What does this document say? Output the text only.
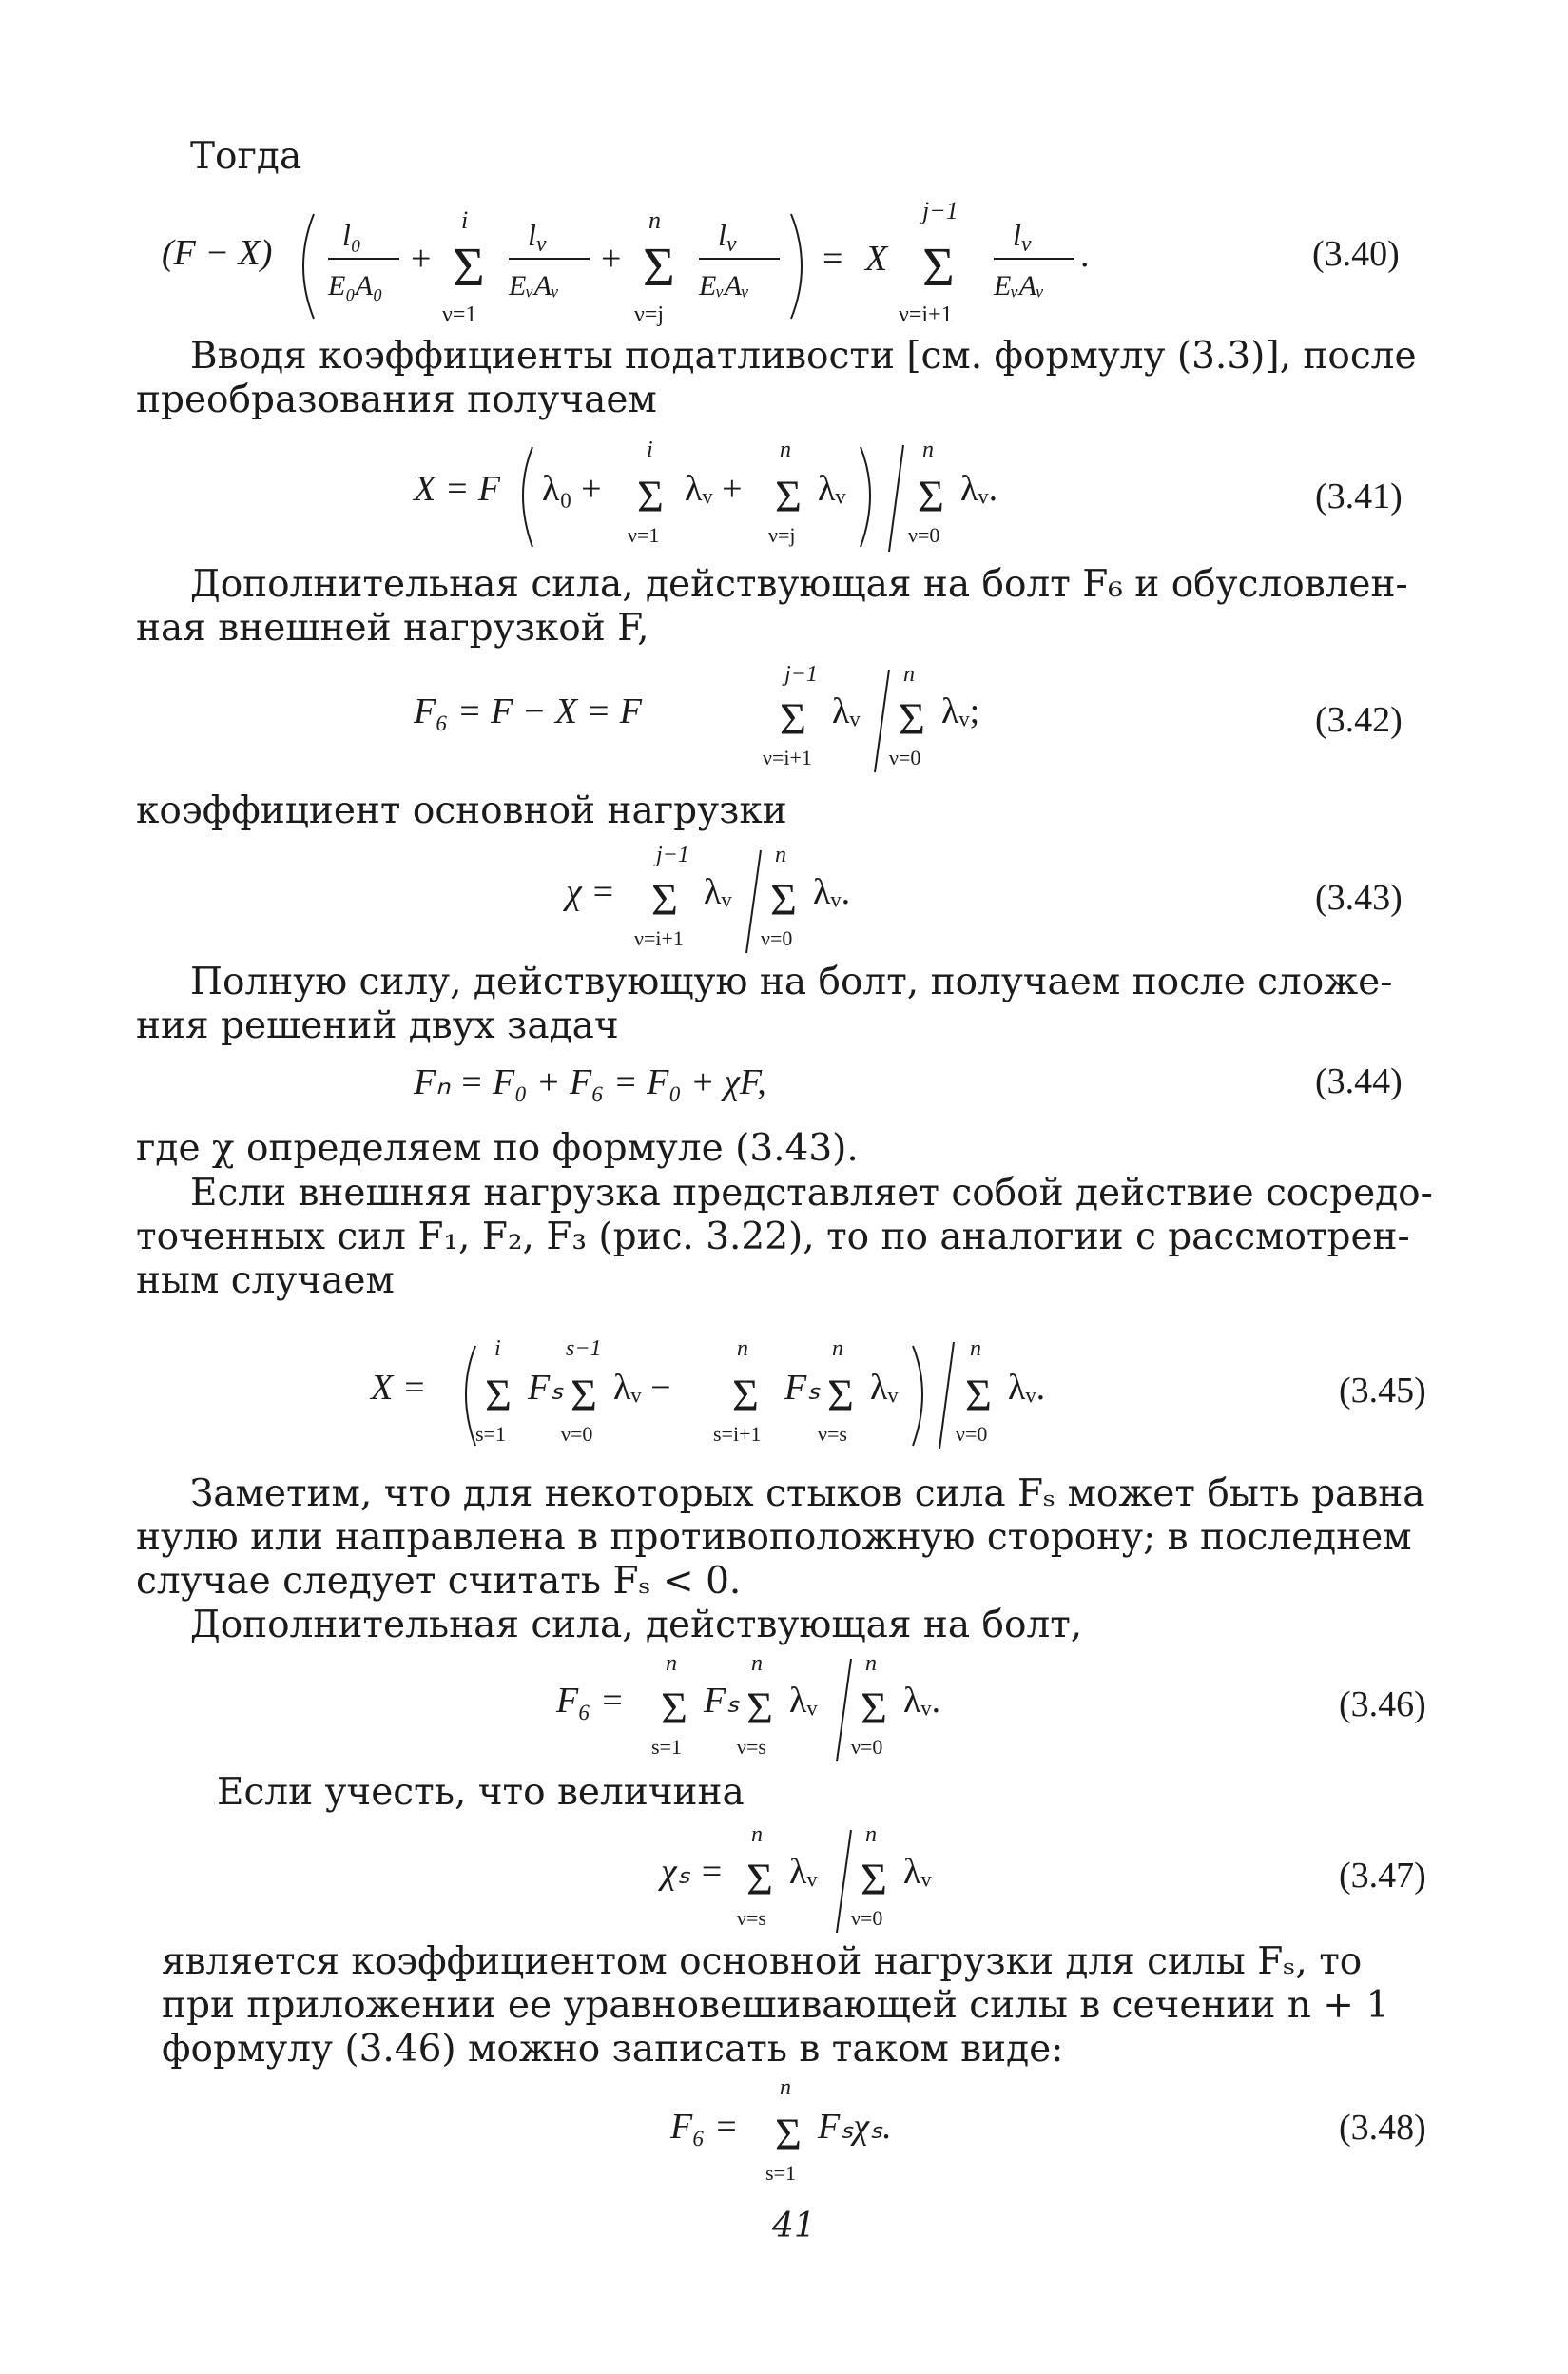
Тогда
(F − X) l₀
E₀A₀
+ Σ
i
ν=1
lν
EᵥAᵥ
+ Σ
n
ν=j
lν
EᵥAᵥ
= X Σ
j−1
ν=i+1
lν
EᵥAᵥ
.	(3.40)
Вводя коэффициенты податливости [см. формулу (3.3)], после
преобразования получаем
X = F λ₀ + Σ
i
ν=1
λᵥ + Σ
n
ν=j
λᵥ Σ
n
ν=0
λᵥ.	(3.41)
Дополнительная сила, действующая на болт F₆ и обусловлен-
ная внешней нагрузкой F,
F₆ = F − X = F	Σ
j−1
ν=i+1
λᵥ Σ
n
ν=0
λᵥ;	(3.42)
коэффициент основной нагрузки
χ = Σ
j−1
ν=i+1
λᵥ Σ
n
ν=0
λᵥ.	(3.43)
Полную силу, действующую на болт, получаем после сложе-
ния решений двух задач
Fₙ = F₀ + F₆ = F₀ + χF,	(3.44)
где χ определяем по формуле (3.43).
Если внешняя нагрузка представляет собой действие сосредо-
точенных сил F₁, F₂, F₃ (рис. 3.22), то по аналогии с рассмотрен-
ным случаем
X = Σ
i
s=1
Fₛ Σ
s−1
ν=0
λᵥ − Σ
n
s=i+1
Fₛ Σ
n
ν=s
λᵥ Σ
n
ν=0
λᵥ.	(3.45)
Заметим, что для некоторых стыков сила Fₛ может быть равна
нулю или направлена в противоположную сторону; в последнем
случае следует считать Fₛ < 0.
Дополнительная сила, действующая на болт,
F₆ = Σ
n
s=1
Fₛ Σ
n
ν=s
λᵥ Σ
n
ν=0
λᵥ.	(3.46)
Если учесть, что величина
χₛ = Σ
n
ν=s
λᵥ Σ
n
ν=0
λᵥ	(3.47)
является коэффициентом основной нагрузки для силы Fₛ, то
при приложении ее уравновешивающей силы в сечении n + 1
формулу (3.46) можно записать в таком виде:
F₆ = Σ
n
s=1
Fₛχₛ.	(3.48)
41
